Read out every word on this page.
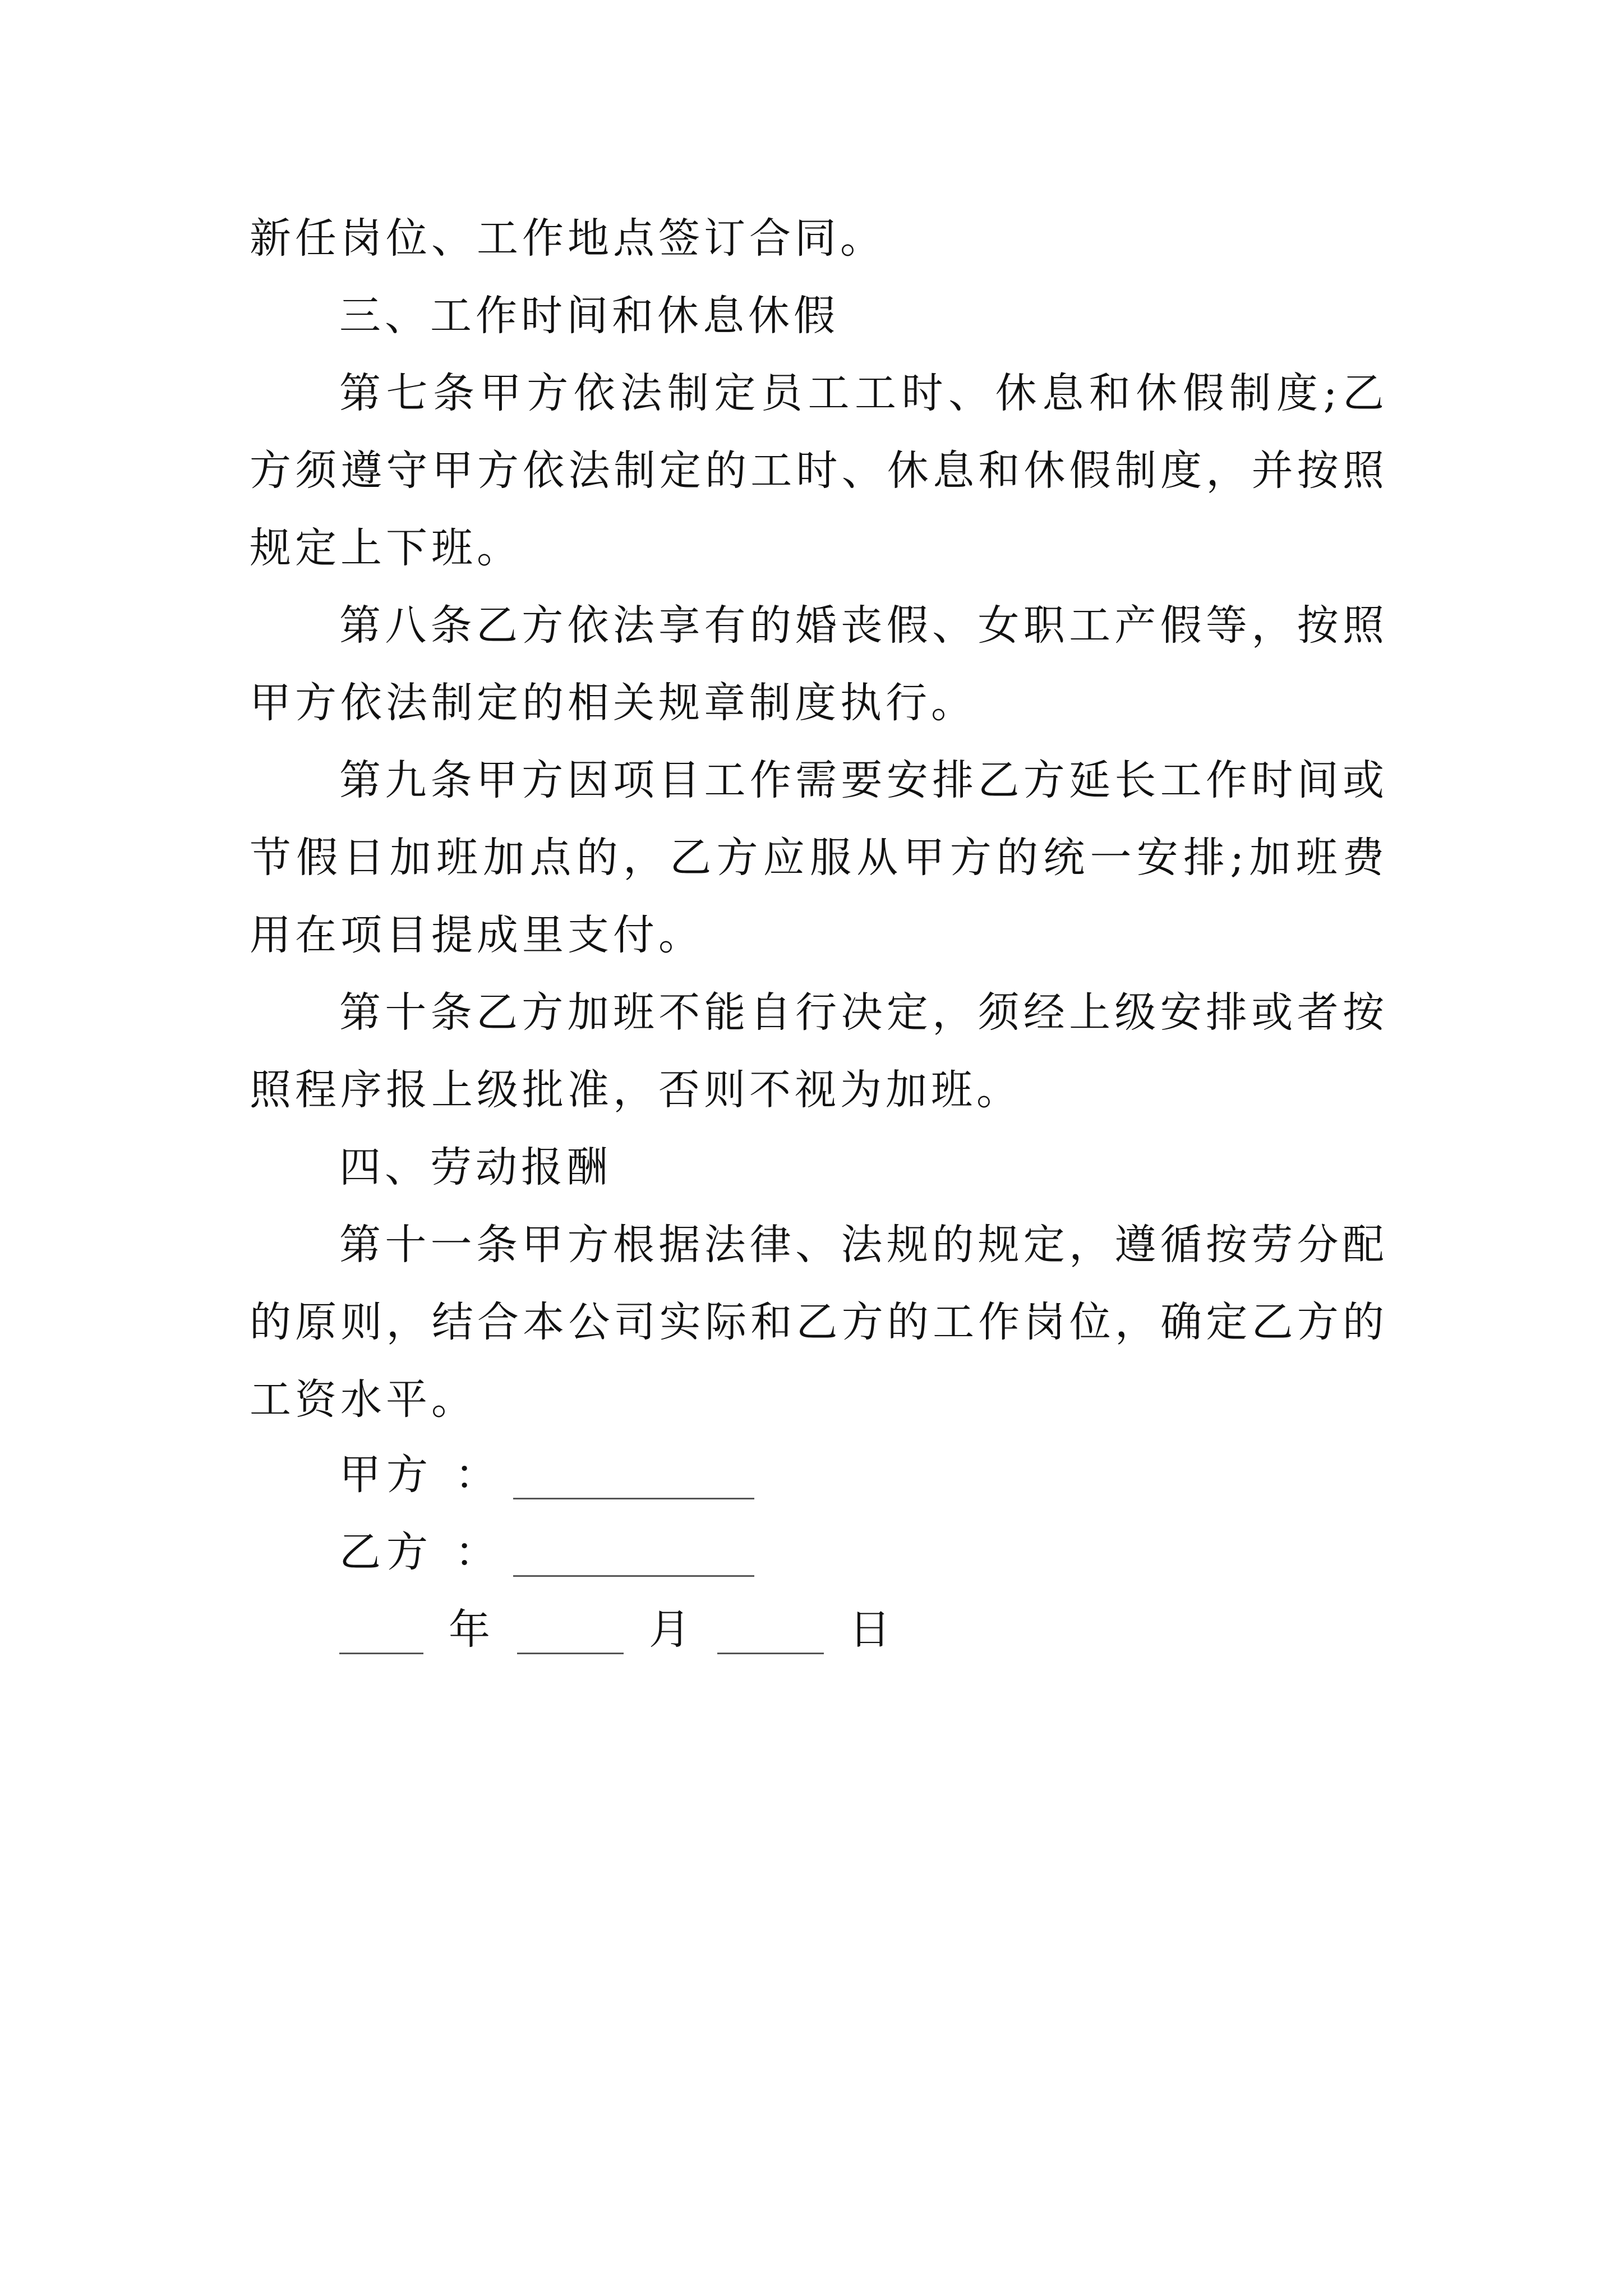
新任岗位、工作地点签订合同。

三、工作时间和休息休假

第七条甲方依法制定员工工时、休息和休假制度;乙方须遵守甲方依法制定的工时、休息和休假制度，并按照规定上下班。

第八条乙方依法享有的婚丧假、女职工产假等，按照甲方依法制定的相关规章制度执行。

第九条甲方因项目工作需要安排乙方延长工作时间或节假日加班加点的，乙方应服从甲方的统一安排;加班费用在项目提成里支付。

第十条乙方加班不能自行决定，须经上级安排或者按照程序报上级批准，否则不视为加班。

四、劳动报酬

第十一条甲方根据法律、法规的规定，遵循按劳分配的原则，结合本公司实际和乙方的工作岗位，确定乙方的工资水平。

甲方 ：
乙方 ：
年	月	日
